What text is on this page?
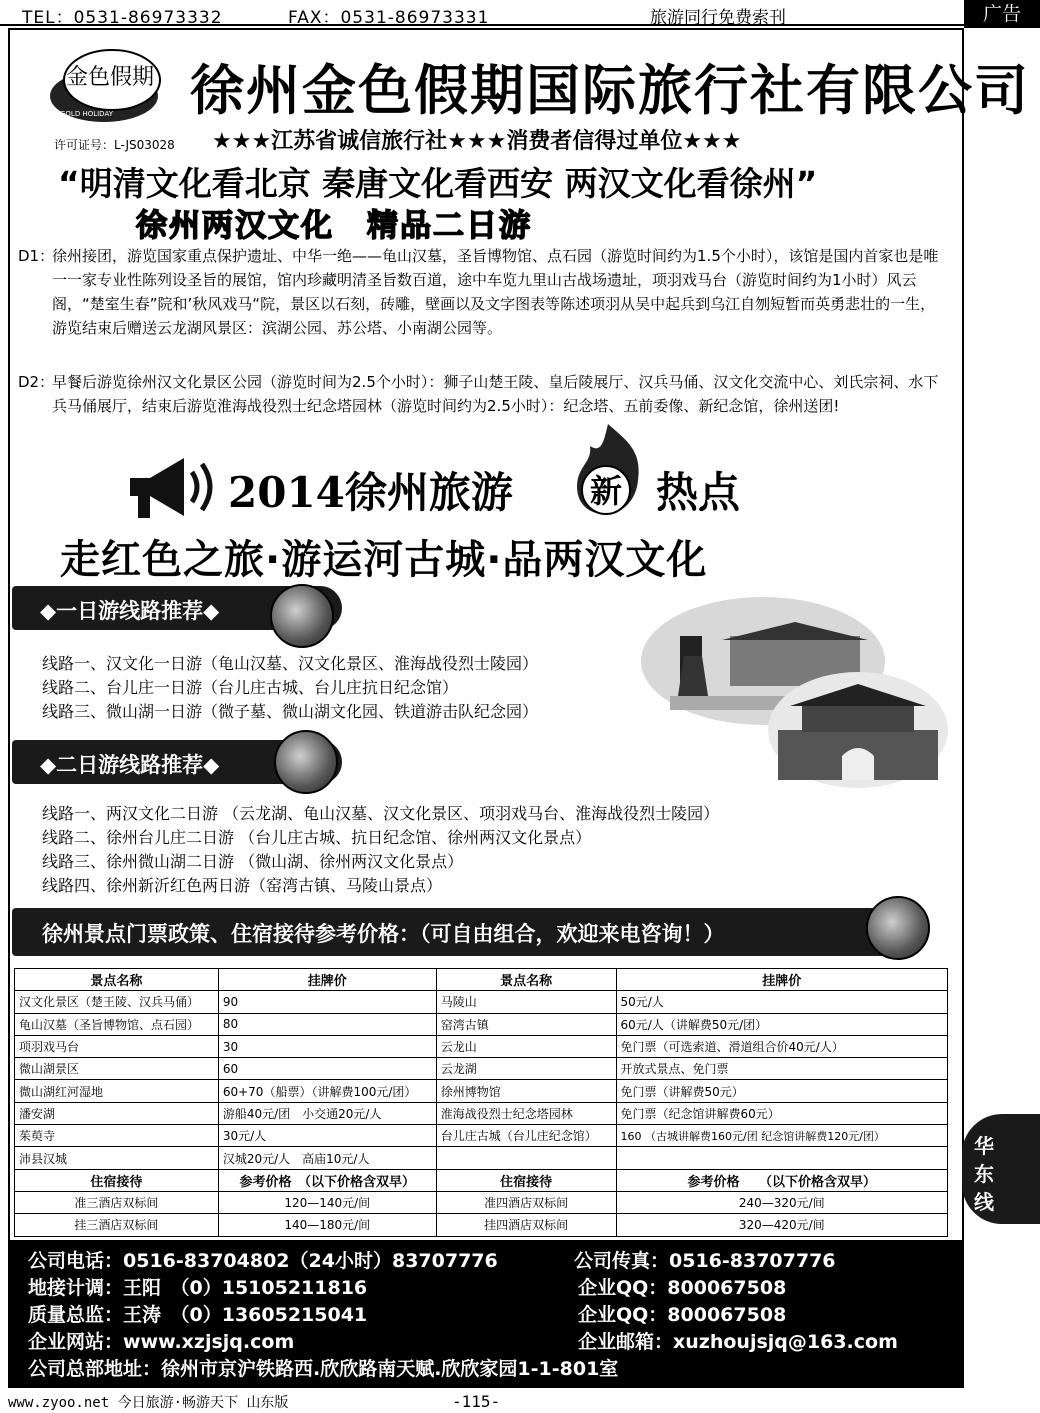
TEL：0531-86973332	FAX：0531-86973331	旅游同行免费索刊	广告
金色假期
GOLD HOLIDAY 徐州金色假期国际旅行社有限公司
许可证号：L-JS03028 ★★★江苏省诚信旅行社★★★消费者信得过单位★★★
“明清文化看北京 秦唐文化看西安 两汉文化看徐州”
徐州两汉文化　精品二日游
D1：
徐州接团，游览国家重点保护遗址、中华一绝——龟山汉墓，圣旨博物馆、点石园（游览时间约为1.5个小时），该馆是国内首家也是唯一一家专业性陈列设圣旨的展馆，馆内珍藏明清圣旨数百道，途中车览九里山古战场遗址，项羽戏马台（游览时间约为1小时）风云阁，“楚室生春”院和’秋风戏马“院，景区以石刻，砖雕，壁画以及文字图表等陈述项羽从吴中起兵到乌江自刎短暂而英勇悲壮的一生，游览结束后赠送云龙湖风景区：滨湖公园、苏公塔、小南湖公园等。
D2：
早餐后游览徐州汉文化景区公园（游览时间为2.5个小时）：狮子山楚王陵、皇后陵展厅、汉兵马俑、汉文化交流中心、刘氏宗祠、水下兵马俑展厅，结束后游览淮海战役烈士纪念塔园林（游览时间约为2.5小时）：纪念塔、五前委像、新纪念馆，徐州送团!
2014徐州旅游 新 热点
走红色之旅·游运河古城·品两汉文化
◆一日游线路推荐◆
线路一、汉文化一日游（龟山汉墓、汉文化景区、淮海战役烈士陵园）
线路二、台儿庄一日游（台儿庄古城、台儿庄抗日纪念馆）
线路三、微山湖一日游（微子墓、微山湖文化园、铁道游击队纪念园）
◆二日游线路推荐◆
线路一、两汉文化二日游 （云龙湖、龟山汉墓、汉文化景区、项羽戏马台、淮海战役烈士陵园）
线路二、徐州台儿庄二日游 （台儿庄古城、抗日纪念馆、徐州两汉文化景点）
线路三、徐州微山湖二日游 （微山湖、徐州两汉文化景点）
线路四、徐州新沂红色两日游（窑湾古镇、马陵山景点）
徐州景点门票政策、住宿接待参考价格：（可自由组合，欢迎来电咨询！）
景点名称	挂牌价	景点名称	挂牌价
汉文化景区（楚王陵、汉兵马俑）	90	马陵山	50元/人
龟山汉墓（圣旨博物馆、点石园）	80	窑湾古镇	60元/人（讲解费50元/团）
项羽戏马台	30	云龙山	免门票（可选索道、滑道组合价40元/人）
微山湖景区	60	云龙湖	开放式景点、免门票
微山湖红河湿地	60+70（船票）（讲解费100元/团）	徐州博物馆	免门票（讲解费50元）
潘安湖	游船40元/团　小交通20元/人	淮海战役烈士纪念塔园林	免门票（纪念馆讲解费60元）
茱萸寺	30元/人	台儿庄古城（台儿庄纪念馆）	160 （古城讲解费160元/团 纪念馆讲解费120元/团）
沛县汉城	汉城20元/人　高庙10元/人		
住宿接待	参考价格　（以下价格含双早）	住宿接待	参考价格　　（以下价格含双早）
准三酒店双标间	120—140元/间	准四酒店双标间	240—320元/间
挂三酒店双标间	140—180元/间	挂四酒店双标间	320—420元/间
华
东
线
公司电话：0516-83704802（24小时）83707776	公司传真：0516-83707776
地接计调：王阳　（0）15105211816	企业QQ：800067508
质量总监：王涛　（0）13605215041	企业QQ：800067508
企业网站：www.xzjsjq.com	企业邮箱：xuzhoujsjq@163.com
公司总部地址：徐州市京沪铁路西.欣欣路南天赋.欣欣家园1-1-801室
www.zyoo.net 今日旅游·畅游天下 山东版	-115-
